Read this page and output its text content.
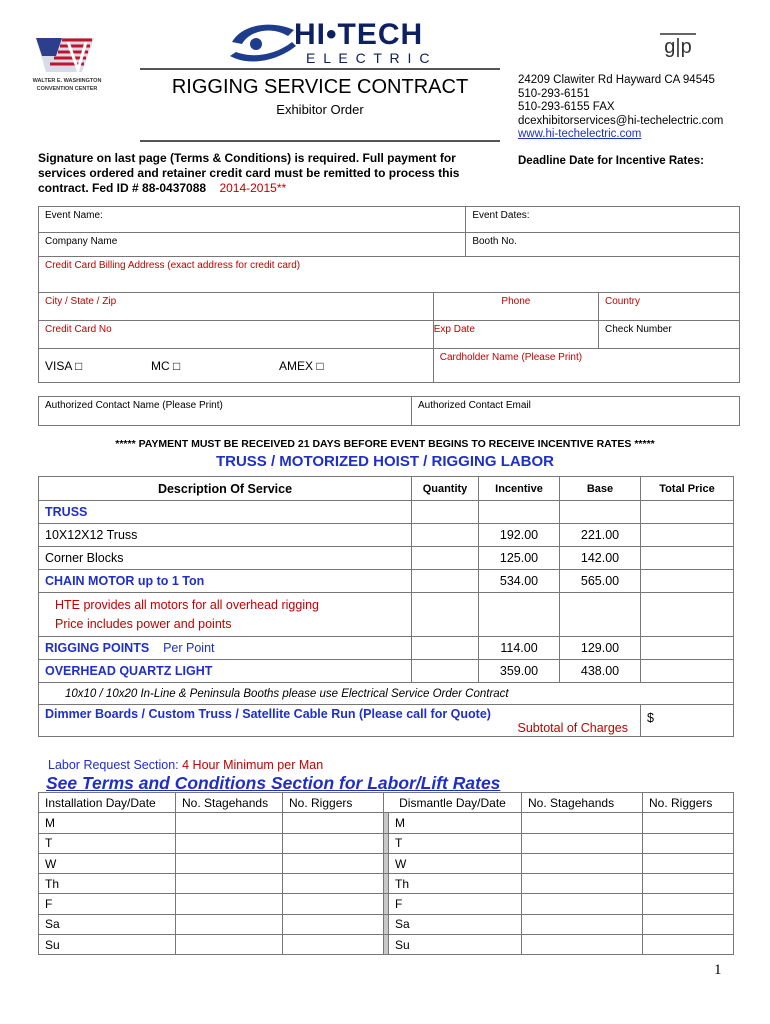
WALTER E. WASHINGTON
CONVENTION CENTER
HI•TECH
E L E C T R I C	g|p
RIGGING SERVICE CONTRACT
Exhibitor Order
24209 Clawiter Rd Hayward CA 94545
510-293-6151
510-293-6155 FAX
dcexhibitorservices@hi-techelectric.com
www.hi-techelectric.com
Signature on last page (Terms & Conditions) is required. Full payment for services ordered and retainer credit card must be remitted to process this contract. Fed ID # 88-0437088 2014-2015**
Deadline Date for Incentive Rates:
Event Name:		Event Dates:	
Company Name		Booth No.	
Credit Card Billing Address (exact address for credit card)			
City / State / Zip	Phone		Country
Credit Card No	Exp Date		Check Number
VISA □ MC □ AMEX □	Cardholder Name (Please Print)		
Authorized Contact Name (Please Print)	Authorized Contact Email
***** PAYMENT MUST BE RECEIVED 21 DAYS BEFORE EVENT BEGINS TO RECEIVE INCENTIVE RATES *****
TRUSS / MOTORIZED HOIST / RIGGING LABOR
Description Of Service	Quantity	Incentive	Base	Total Price
TRUSS				
10X12X12 Truss		192.00	221.00	
Corner Blocks		125.00	142.00	
CHAIN MOTOR up to 1 Ton		534.00	565.00	

HTE provides all motors for all overhead rigging
Price includes power and points				

RIGGING POINTS Per Point		114.00	129.00	
OVERHEAD QUARTZ LIGHT		359.00	438.00	
10x10 / 10x20 In-Line & Peninsula Booths please use Electrical Service Order Contract				

Dimmer Boards / Custom Truss / Satellite Cable Run (Please call for Quote)
Subtotal of Charges				$
Labor Request Section: 4 Hour Minimum per Man
See Terms and Conditions Section for Labor/Lift Rates
Installation Day/Date	No. Stagehands	No. Riggers	Dismantle Day/Date		No. Stagehands	No. Riggers
M				M		
T				T		
W				W		
Th				Th		
F				F		
Sa				Sa		
Su				Su		
1
